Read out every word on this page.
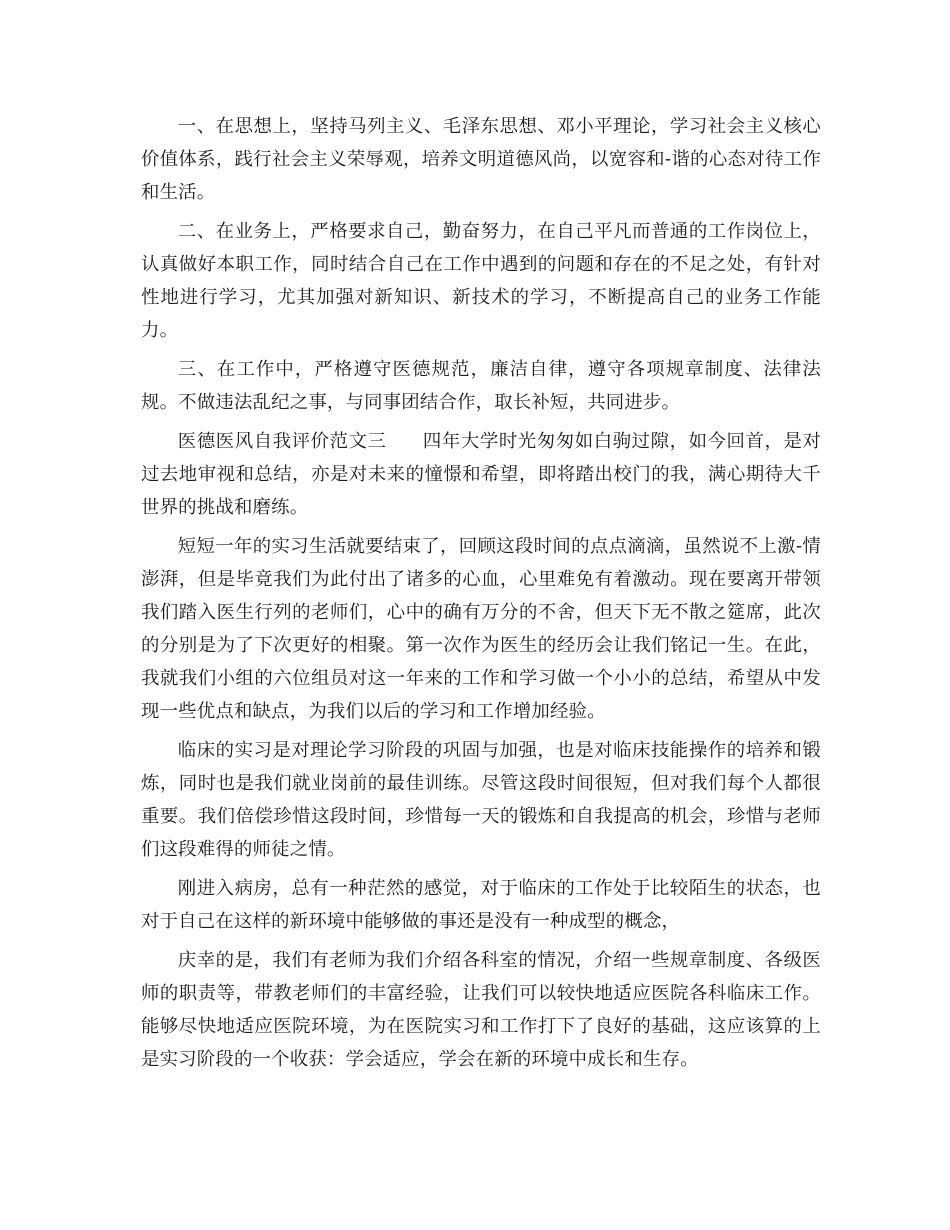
一、在思想上，坚持马列主义、毛泽东思想、邓小平理论，学习社会主义核心价值体系，践行社会主义荣辱观，培养文明道德风尚，以宽容和-谐的心态对待工作和生活。

二、在业务上，严格要求自己，勤奋努力，在自己平凡而普通的工作岗位上，认真做好本职工作，同时结合自己在工作中遇到的问题和存在的不足之处，有针对性地进行学习，尤其加强对新知识、新技术的学习，不断提高自己的业务工作能力。

三、在工作中，严格遵守医德规范，廉洁自律，遵守各项规章制度、法律法规。不做违法乱纪之事，与同事团结合作，取长补短，共同进步。

医德医风自我评价范文三 四年大学时光匆匆如白驹过隙，如今回首，是对过去地审视和总结，亦是对未来的憧憬和希望，即将踏出校门的我，满心期待大千世界的挑战和磨练。

短短一年的实习生活就要结束了，回顾这段时间的点点滴滴，虽然说不上激-情澎湃，但是毕竟我们为此付出了诸多的心血，心里难免有着激动。现在要离开带领我们踏入医生行列的老师们，心中的确有万分的不舍，但天下无不散之筵席，此次的分别是为了下次更好的相聚。第一次作为医生的经历会让我们铭记一生。在此，我就我们小组的六位组员对这一年来的工作和学习做一个小小的总结，希望从中发现一些优点和缺点，为我们以后的学习和工作增加经验。

临床的实习是对理论学习阶段的巩固与加强，也是对临床技能操作的培养和锻炼，同时也是我们就业岗前的最佳训练。尽管这段时间很短，但对我们每个人都很重要。我们倍偿珍惜这段时间，珍惜每一天的锻炼和自我提高的机会，珍惜与老师们这段难得的师徒之情。

刚进入病房，总有一种茫然的感觉，对于临床的工作处于比较陌生的状态，也对于自己在这样的新环境中能够做的事还是没有一种成型的概念，

庆幸的是，我们有老师为我们介绍各科室的情况，介绍一些规章制度、各级医师的职责等，带教老师们的丰富经验，让我们可以较快地适应医院各科临床工作。能够尽快地适应医院环境，为在医院实习和工作打下了良好的基础，这应该算的上是实习阶段的一个收获：学会适应，学会在新的环境中成长和生存。
